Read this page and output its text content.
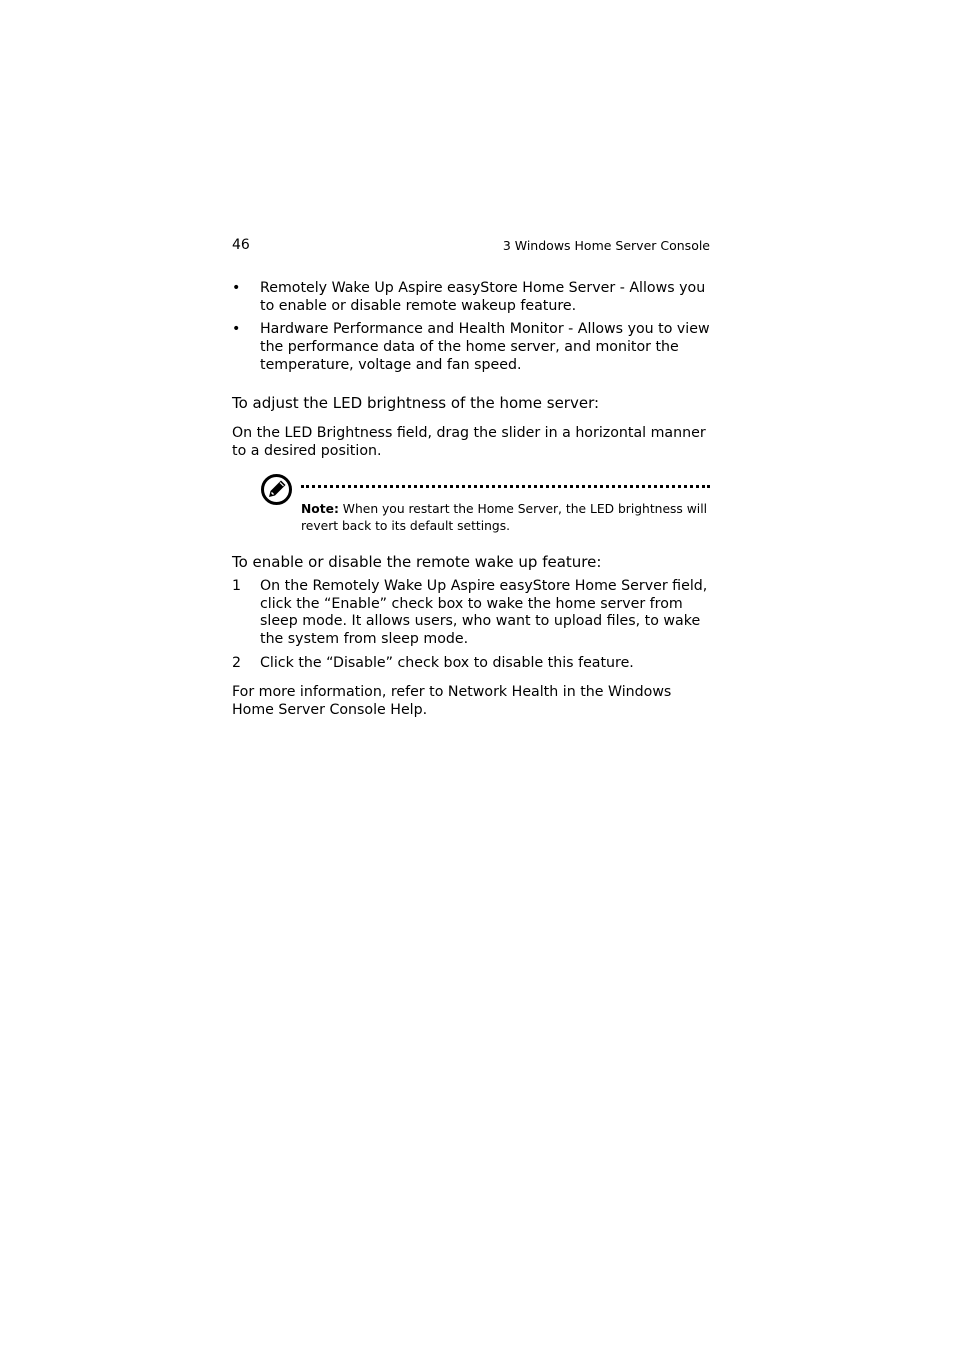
46	3 Windows Home Server Console
•	Remotely Wake Up Aspire easyStore Home Server - Allows you to enable or disable remote wakeup feature.
•	Hardware Performance and Health Monitor - Allows you to view the performance data of the home server, and monitor the temperature, voltage and fan speed.
To adjust the LED brightness of the home server:
On the LED Brightness field, drag the slider in a horizontal manner to a desired position.
Note: When you restart the Home Server, the LED brightness will revert back to its default settings.
To enable or disable the remote wake up feature:
1	On the Remotely Wake Up Aspire easyStore Home Server field, click the “Enable” check box to wake the home server from sleep mode. It allows users, who want to upload files, to wake the system from sleep mode.
2	Click the “Disable” check box to disable this feature.
For more information, refer to Network Health in the Windows Home Server Console Help.
